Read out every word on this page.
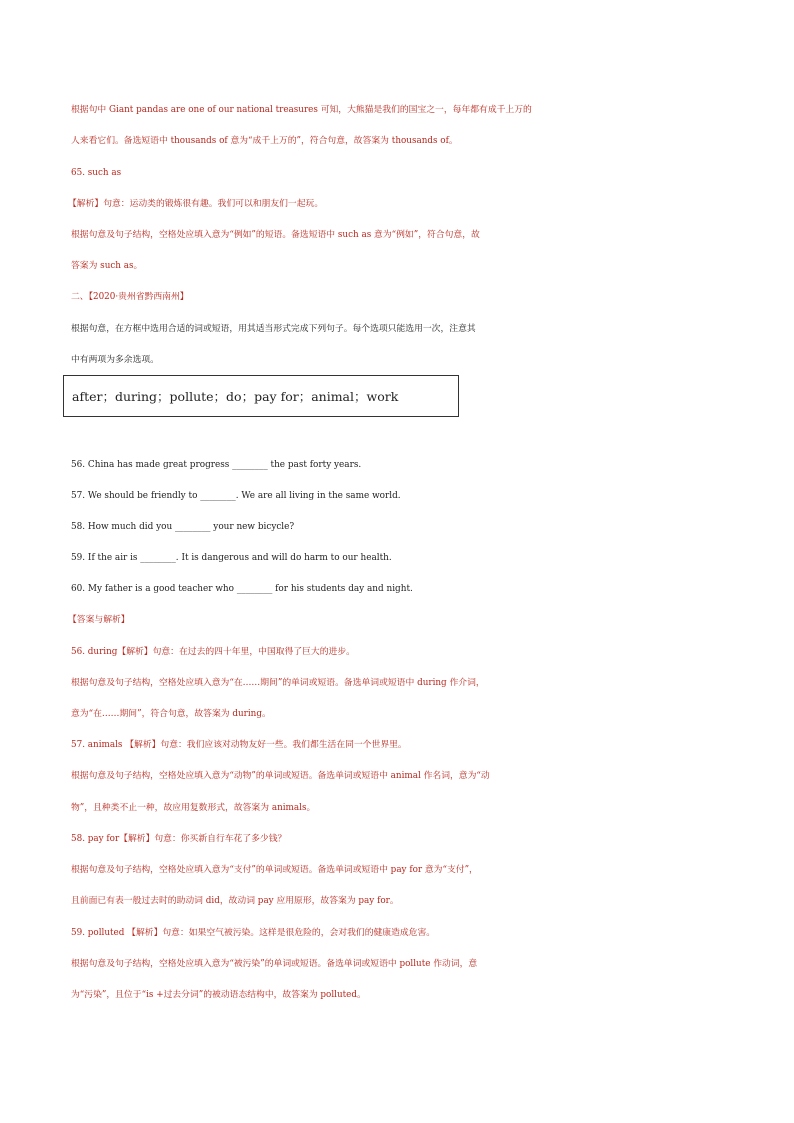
根据句中 Giant pandas are one of our national treasures 可知，大熊猫是我们的国宝之一，每年都有成千上万的
人来看它们。备选短语中 thousands of 意为“成千上万的”，符合句意，故答案为 thousands of。
65. such as
【解析】句意：运动类的锻炼很有趣。我们可以和朋友们一起玩。
根据句意及句子结构，空格处应填入意为“例如”的短语。备选短语中 such as 意为“例如”，符合句意，故
答案为 such as。
二、【2020·贵州省黔西南州】
根据句意，在方框中选用合适的词或短语，用其适当形式完成下列句子。每个选项只能选用一次，注意其
中有两项为多余选项。
after；during；pollute；do；pay for；animal；work
56. China has made great progress ________ the past forty years.
57. We should be friendly to ________. We are all living in the same world.
58. How much did you ________ your new bicycle?
59. If the air is ________. It is dangerous and will do harm to our health.
60. My father is a good teacher who ________ for his students day and night.
【答案与解析】
56. during【解析】句意：在过去的四十年里，中国取得了巨大的进步。
根据句意及句子结构，空格处应填入意为“在……期间”的单词或短语。备选单词或短语中 during 作介词，
意为“在……期间”，符合句意，故答案为 during。
57. animals 【解析】句意：我们应该对动物友好一些。我们都生活在同一个世界里。
根据句意及句子结构，空格处应填入意为“动物”的单词或短语。备选单词或短语中 animal 作名词，意为“动
物”，且种类不止一种，故应用复数形式，故答案为 animals。
58. pay for【解析】句意：你买新自行车花了多少钱？
根据句意及句子结构，空格处应填入意为“支付”的单词或短语。备选单词或短语中 pay for 意为“支付”，
且前面已有表一般过去时的助动词 did，故动词 pay 应用原形，故答案为 pay for。
59. polluted 【解析】句意：如果空气被污染。这样是很危险的，会对我们的健康造成危害。
根据句意及句子结构，空格处应填入意为“被污染”的单词或短语。备选单词或短语中 pollute 作动词，意
为“污染”，且位于“is +过去分词”的被动语态结构中，故答案为 polluted。
